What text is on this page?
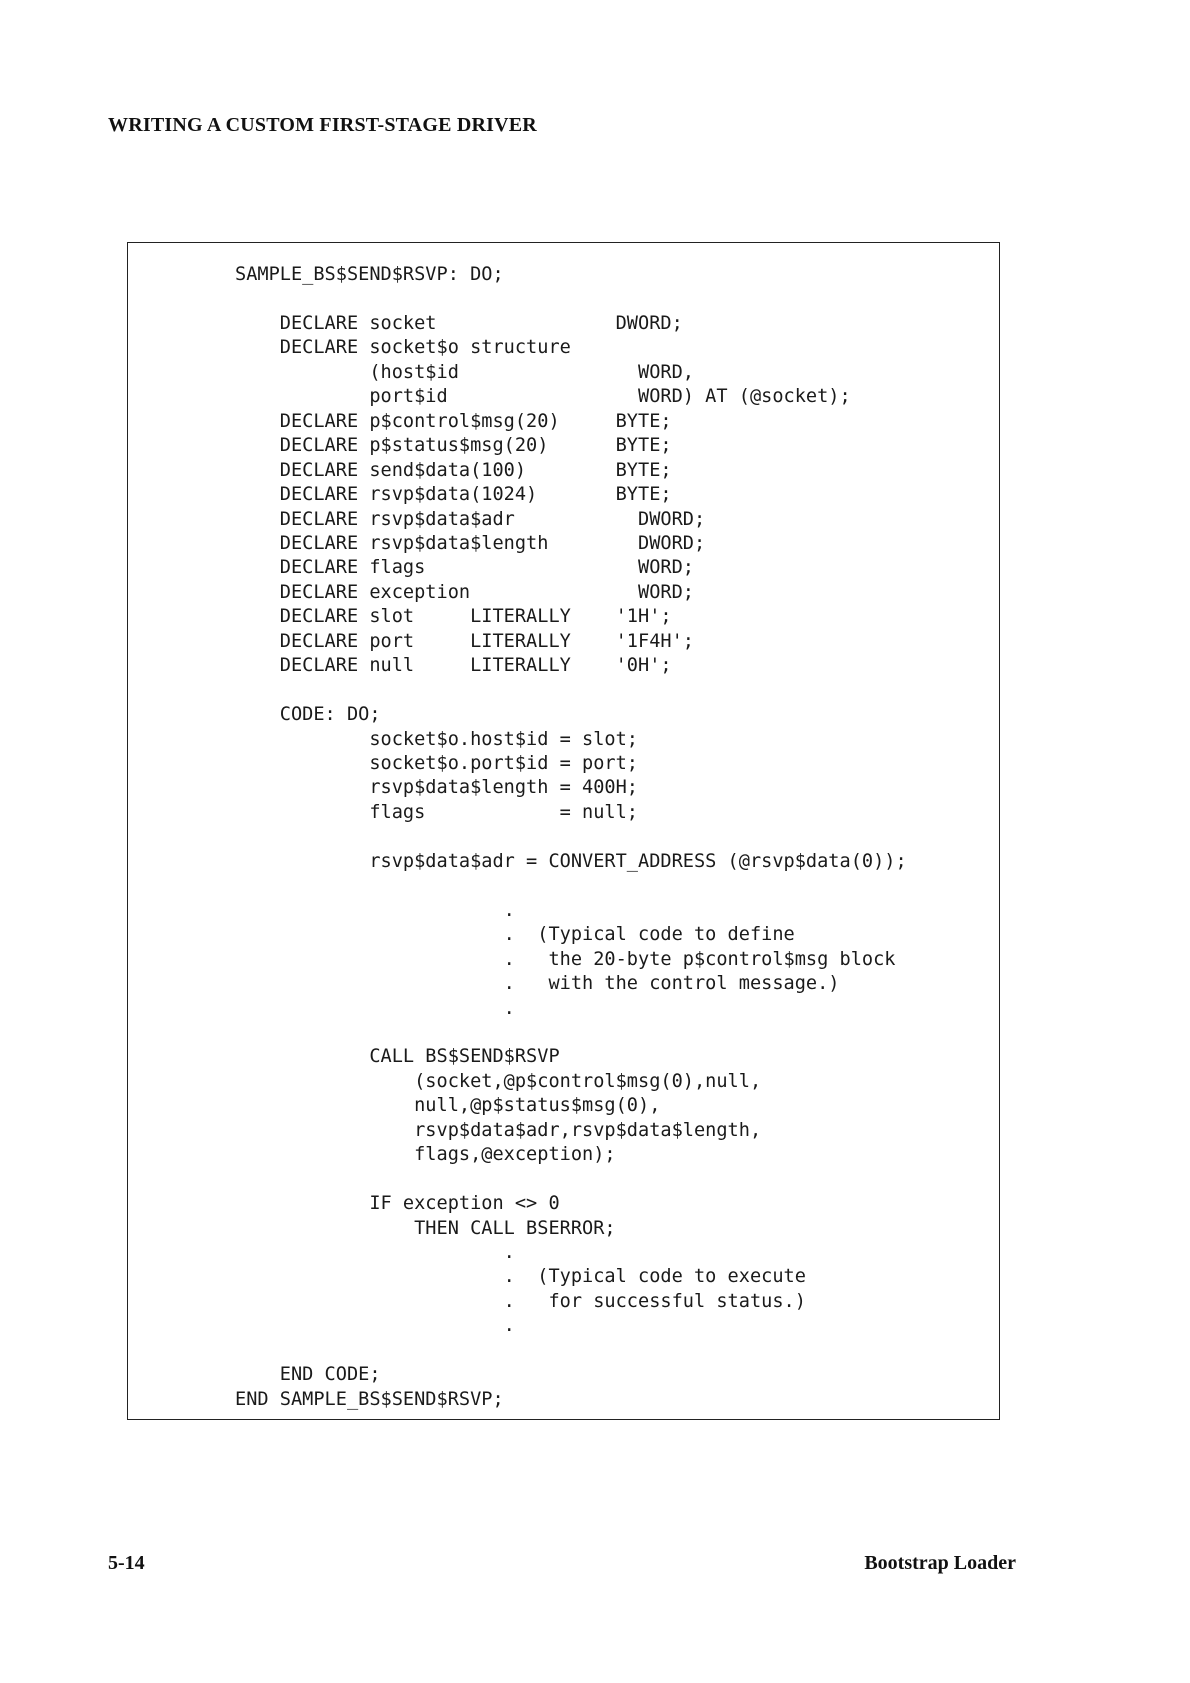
WRITING A CUSTOM FIRST-STAGE DRIVER
SAMPLE_BS$SEND$RSVP: DO;
DECLARE socket                DWORD;
DECLARE socket$o structure
(host$id                WORD,
port$id                 WORD) AT (@socket);
DECLARE p$control$msg(20)     BYTE;
DECLARE p$status$msg(20)      BYTE;
DECLARE send$data(100)        BYTE;
DECLARE rsvp$data(1024)       BYTE;
DECLARE rsvp$data$adr           DWORD;
DECLARE rsvp$data$length        DWORD;
DECLARE flags                   WORD;
DECLARE exception               WORD;
DECLARE slot     LITERALLY    '1H';
DECLARE port     LITERALLY    '1F4H';
DECLARE null     LITERALLY    '0H';
CODE: DO;
socket$o.host$id = slot;
socket$o.port$id = port;
rsvp$data$length = 400H;
flags            = null;
rsvp$data$adr = CONVERT_ADDRESS (@rsvp$data(0));
.
.  (Typical code to define
.   the 20-byte p$control$msg block
.   with the control message.)
.
CALL BS$SEND$RSVP
(socket,@p$control$msg(0),null,
null,@p$status$msg(0),
rsvp$data$adr,rsvp$data$length,
flags,@exception);
IF exception <> 0
THEN CALL BSERROR;
.
.  (Typical code to execute
.   for successful status.)
.
END CODE;
END SAMPLE_BS$SEND$RSVP;
5-14	Bootstrap Loader
